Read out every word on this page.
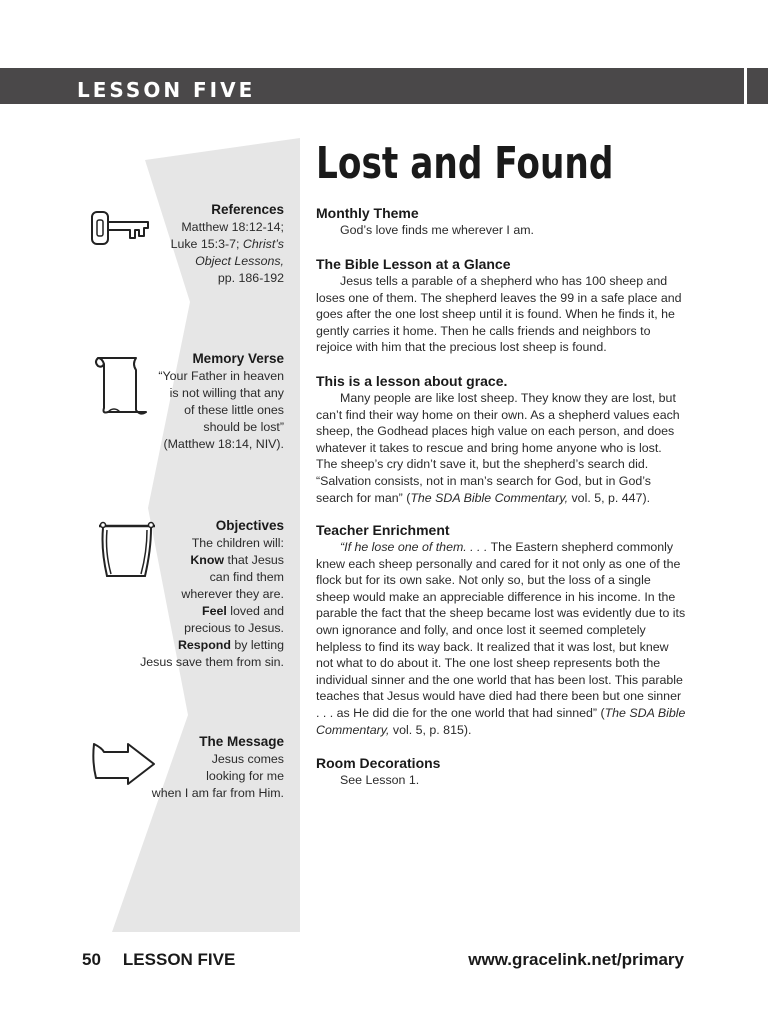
LESSON FIVE
Lost and Found
References

Matthew 18:12-14;

Luke 15:3-7; Christ’s

Object Lessons,

pp. 186-192

Memory Verse

“Your Father in heaven

is not willing that any

of these little ones

should be lost”

(Matthew 18:14, NIV).

Objectives

The children will:

Know that Jesus

can find them

wherever they are.

Feel loved and

precious to Jesus.

Respond by letting

Jesus save them from sin.

The Message

Jesus comes

looking for me

when I am far from Him.

Monthly Theme

God’s love finds me wherever I am.

The Bible Lesson at a Glance

Jesus tells a parable of a shepherd who has 100 sheep and loses one of them. The shepherd leaves the 99 in a safe place and goes after the one lost sheep until it is found. When he finds it, he gently carries it home. Then he calls friends and neighbors to rejoice with him that the precious lost sheep is found.

This is a lesson about grace.

Many people are like lost sheep. They know they are lost, but can’t find their way home on their own. As a shepherd values each sheep, the Godhead places high value on each person, and does whatever it takes to rescue and bring home anyone who is lost. The sheep’s cry didn’t save it, but the shepherd’s search did. “Salvation consists, not in man’s search for God, but in God’s search for man” (The SDA Bible Commentary, vol. 5, p. 447).

Teacher Enrichment

“If he lose one of them. . . . The Eastern shepherd commonly knew each sheep personally and cared for it not only as one of the flock but for its own sake. Not only so, but the loss of a single sheep would make an appreciable difference in his income. In the parable the fact that the sheep became lost was evidently due to its own ignorance and folly, and once lost it seemed completely helpless to find its way back. It realized that it was lost, but knew not what to do about it. The one lost sheep represents both the individual sinner and the one world that has been lost. This parable teaches that Jesus would have died had there been but one sinner . . . as He did die for the one world that had sinned” (The SDA Bible Commentary, vol. 5, p. 815).

Room Decorations

See Lesson 1.

50 LESSON FIVE	www.gracelink.net/primary
